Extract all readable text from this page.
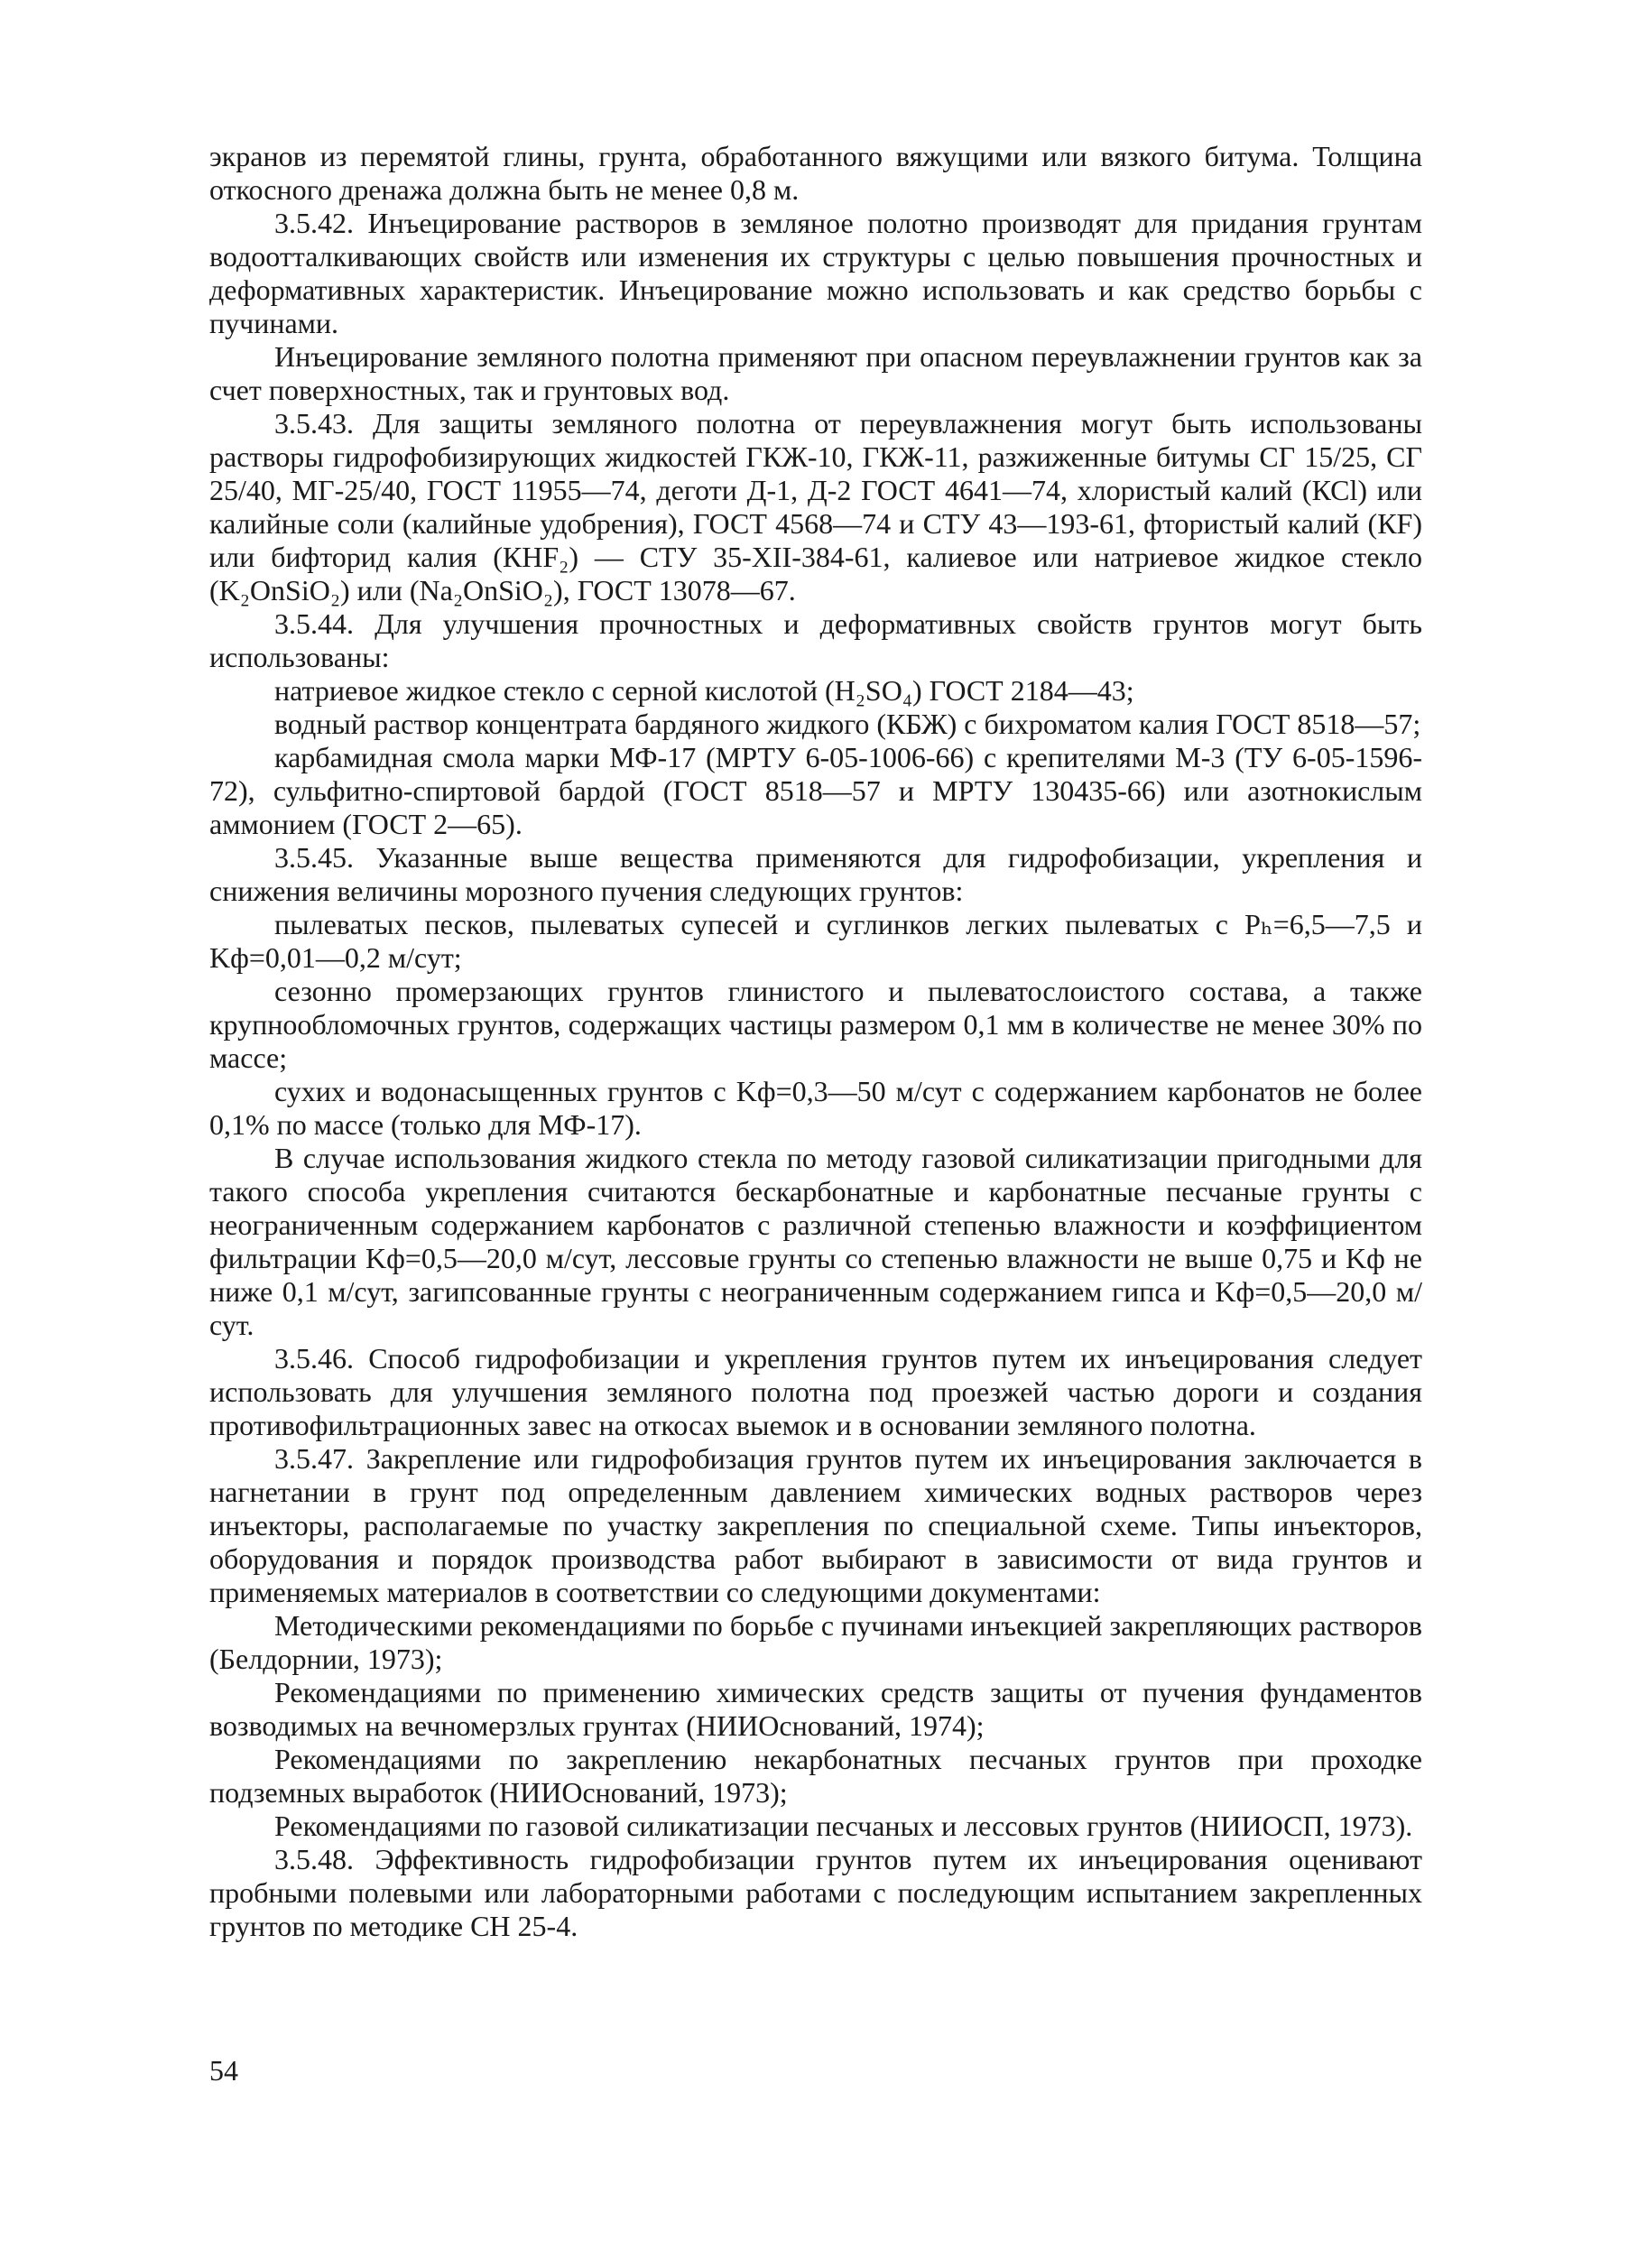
экранов из перемятой глины, грунта, обработанного вяжущими или вязкого битума. Толщина откосного дренажа должна быть не менее 0,8 м.

3.5.42. Инъецирование растворов в земляное полотно производят для придания грунтам водоотталкивающих свойств или изменения их структуры с целью повышения прочностных и деформативных характеристик. Инъецирование можно использовать и как средство борьбы с пучинами.

Инъецирование земляного полотна применяют при опасном переувлажнении грунтов как за счет поверхностных, так и грунтовых вод.

3.5.43. Для защиты земляного полотна от переувлажнения могут быть использованы растворы гидрофобизирующих жидкостей ГКЖ-10, ГКЖ-11, разжиженные битумы СГ 15/25, СГ 25/40, МГ-25/40, ГОСТ 11955—74, деготи Д-1, Д-2 ГОСТ 4641—74, хлористый калий (КСl) или калийные соли (калийные удобрения), ГОСТ 4568—74 и СТУ 43—193-61, фтористый калий (КF) или бифторид калия (КНF₂) — СТУ 35-ХII-384-61, калиевое или натриевое жидкое стекло (K₂OnSiO₂) или (Na₂OnSiO₂), ГОСТ 13078—67.

3.5.44. Для улучшения прочностных и деформативных свойств грунтов могут быть использованы:

натриевое жидкое стекло с серной кислотой (H₂SO₄) ГОСТ 2184—43;

водный раствор концентрата бардяного жидкого (КБЖ) с бихроматом калия ГОСТ 8518—57;

карбамидная смола марки МФ-17 (МРТУ 6-05-1006-66) с крепителями М-3 (ТУ 6-05-1596-72), сульфитно-спиртовой бардой (ГОСТ 8518—57 и МРТУ 130435-66) или азотнокислым аммонием (ГОСТ 2—65).

3.5.45. Указанные выше вещества применяются для гидрофобизации, укрепления и снижения величины морозного пучения следующих грунтов:

пылеватых песков, пылеватых супесей и суглинков легких пылеватых с Pₕ=6,5—7,5 и Kф=0,01—0,2 м/сут;

сезонно промерзающих грунтов глинистого и пылеватослоистого состава, а также крупнообломочных грунтов, содержащих частицы размером 0,1 мм в количестве не менее 30% по массе;

сухих и водонасыщенных грунтов с Kф=0,3—50 м/сут с содержанием карбонатов не более 0,1% по массе (только для МФ-17).

В случае использования жидкого стекла по методу газовой силикатизации пригодными для такого способа укрепления считаются бескарбонатные и карбонатные песчаные грунты с неограниченным содержанием карбонатов с различной степенью влажности и коэффициентом фильтрации Kф=0,5—20,0 м/сут, лессовые грунты со степенью влажности не выше 0,75 и Kф не ниже 0,1 м/сут, загипсованные грунты с неограниченным содержанием гипса и Kф=0,5—20,0 м/сут.

3.5.46. Способ гидрофобизации и укрепления грунтов путем их инъецирования следует использовать для улучшения земляного полотна под проезжей частью дороги и создания противофильтрационных завес на откосах выемок и в основании земляного полотна.

3.5.47. Закрепление или гидрофобизация грунтов путем их инъецирования заключается в нагнетании в грунт под определенным давлением химических водных растворов через инъекторы, располагаемые по участку закрепления по специальной схеме. Типы инъекторов, оборудования и порядок производства работ выбирают в зависимости от вида грунтов и применяемых материалов в соответствии со следующими документами:

Методическими рекомендациями по борьбе с пучинами инъекцией закрепляющих растворов (Белдорнии, 1973);

Рекомендациями по применению химических средств защиты от пучения фундаментов возводимых на вечномерзлых грунтах (НИИОснований, 1974);

Рекомендациями по закреплению некарбонатных песчаных грунтов при проходке подземных выработок (НИИОснований, 1973);

Рекомендациями по газовой силикатизации песчаных и лессовых грунтов (НИИОСП, 1973).

3.5.48. Эффективность гидрофобизации грунтов путем их инъецирования оценивают пробными полевыми или лабораторными работами с последующим испытанием закрепленных грунтов по методике СН 25-4.

54
